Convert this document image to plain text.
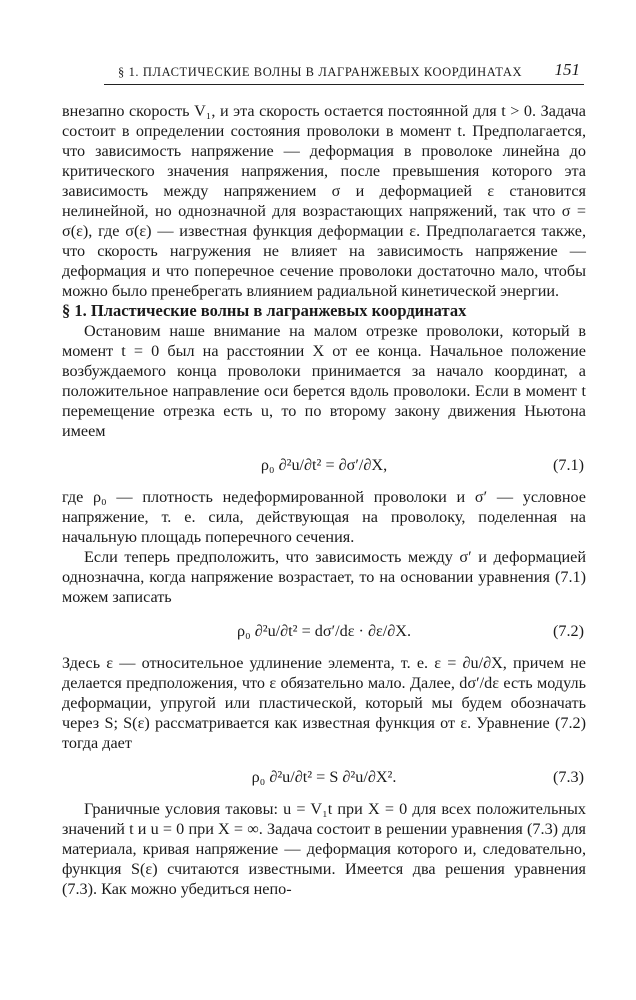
§ 1. ПЛАСТИЧЕСКИЕ ВОЛНЫ В ЛАГРАНЖЕВЫХ КООРДИНАТАХ 151

внезапно скорость V₁, и эта скорость остается постоянной для t > 0. Задача состоит в определении состояния проволоки в момент t. Предполагается, что зависимость напряжение — деформация в проволоке линейна до критического значения напряжения, после превышения которого эта зависимость между напряжением σ и деформацией ε становится нелинейной, но однозначной для возрастающих напряжений, так что σ = σ(ε), где σ(ε) — известная функция деформации ε. Предполагается также, что скорость нагружения не влияет на зависимость напряжение — деформация и что поперечное сечение проволоки достаточно мало, чтобы можно было пренебрегать влиянием радиальной кинетической энергии.

§ 1. Пластические волны в лагранжевых координатах

Остановим наше внимание на малом отрезке проволоки, который в момент t = 0 был на расстоянии X от ее конца. Начальное положение возбуждаемого конца проволоки принимается за начало координат, а положительное направление оси берется вдоль проволоки. Если в момент t перемещение отрезка есть u, то по второму закону движения Ньютона имеем

ρ₀ ∂²u/∂t² = ∂σ′/∂X,	(7.1)

где ρ₀ — плотность недеформированной проволоки и σ′ — условное напряжение, т. е. сила, действующая на проволоку, поделенная на начальную площадь поперечного сечения.

Если теперь предположить, что зависимость между σ′ и деформацией однозначна, когда напряжение возрастает, то на основании уравнения (7.1) можем записать

ρ₀ ∂²u/∂t² = dσ′/dε · ∂ε/∂X.	(7.2)

Здесь ε — относительное удлинение элемента, т. е. ε = ∂u/∂X, причем не делается предположения, что ε обязательно мало. Далее, dσ′/dε есть модуль деформации, упругой или пластической, который мы будем обозначать через S; S(ε) рассматривается как известная функция от ε. Уравнение (7.2) тогда дает

ρ₀ ∂²u/∂t² = S ∂²u/∂X².	(7.3)

Граничные условия таковы: u = V₁t при X = 0 для всех положительных значений t и u = 0 при X = ∞. Задача состоит в решении уравнения (7.3) для материала, кривая напряжение — деформация которого и, следовательно, функция S(ε) считаются известными. Имеется два решения уравнения (7.3). Как можно убедиться непо-
